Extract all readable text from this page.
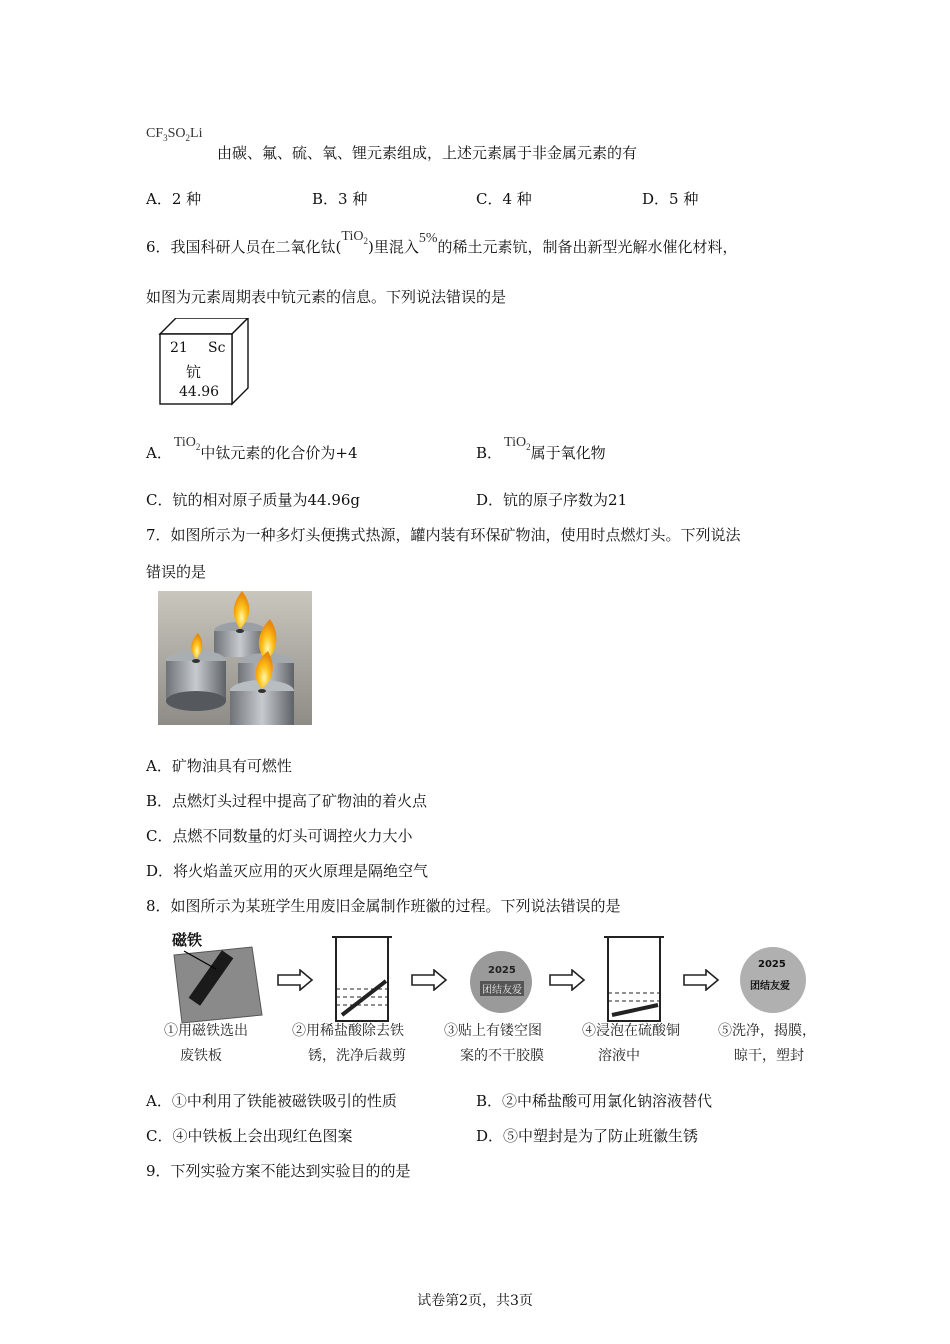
$CF_3SO_2Li$
由碳、氟、硫、氧、锂元素组成，上述元素属于非金属元素的有
A．2 种	B．3 种	C．4 种	D．5 种
6．我国科研人员在二氧化钛(TiO$_2$)里混入5%的稀土元素钪，制备出新型光解水催化材料，
如图为元素周期表中钪元素的信息。下列说法错误的是
21 Sc
钪
44.96
A．TiO$_2$中钛元素的化合价为+4	B．TiO$_2$属于氧化物
C．钪的相对原子质量为44.96g	D．钪的原子序数为21
7．如图所示为一种多灯头便携式热源，罐内装有环保矿物油，使用时点燃灯头。下列说法
错误的是
A．矿物油具有可燃性
B．点燃灯头过程中提高了矿物油的着火点
C．点燃不同数量的灯头可调控火力大小
D．将火焰盖灭应用的灭火原理是隔绝空气
8．如图所示为某班学生用废旧金属制作班徽的过程。下列说法错误的是
磁铁
2025
团结友爱
2025
团结友爱
①用磁铁选出
废铁板
②用稀盐酸除去铁
锈，洗净后裁剪
③贴上有镂空图
案的不干胶膜
④浸泡在硫酸铜
溶液中
⑤洗净，揭膜，
晾干，塑封
A．①中利用了铁能被磁铁吸引的性质	B．②中稀盐酸可用氯化钠溶液替代
C．④中铁板上会出现红色图案	D．⑤中塑封是为了防止班徽生锈
9．下列实验方案不能达到实验目的的是
试卷第2页，共3页
